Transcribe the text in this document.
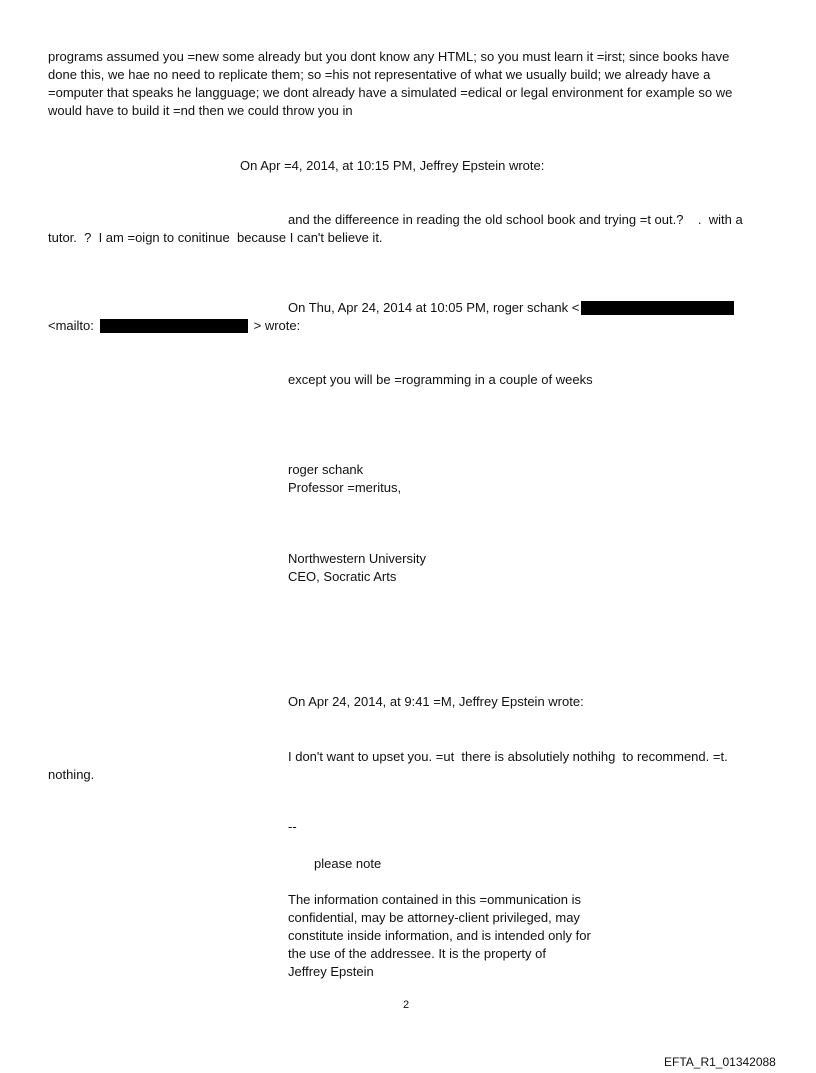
programs assumed you =new some already but you dont know any HTML; so you must learn it =irst; since books have

done this, we hae no need to replicate them; so =his not representative of what we usually build; we already have a

=omputer that speaks he langguage; we dont already have a simulated =edical or legal environment for example so we

would have to build it =nd then we could throw you in

On Apr =4, 2014, at 10:15 PM, Jeffrey Epstein wrote:

and the differeence in reading the old school book and trying =t out.?    .  with a

tutor.  ?  I am =oign to conitinue  because I can't believe it.

On Thu, Apr 24, 2014 at 10:05 PM, roger schank <

<mailto:	> wrote:

except you will be =rogramming in a couple of weeks

roger schank

Professor =meritus,

Northwestern University

CEO, Socratic Arts

On Apr 24, 2014, at 9:41 =M, Jeffrey Epstein wrote:

I don't want to upset you. =ut  there is absolutiely nothihg  to recommend. =t.

nothing.

--

please note

The information contained in this =ommunication is

confidential, may be attorney-client privileged, may

constitute inside information, and is intended only for

the use of the addressee. It is the property of

Jeffrey Epstein

2

EFTA_R1_01342088
